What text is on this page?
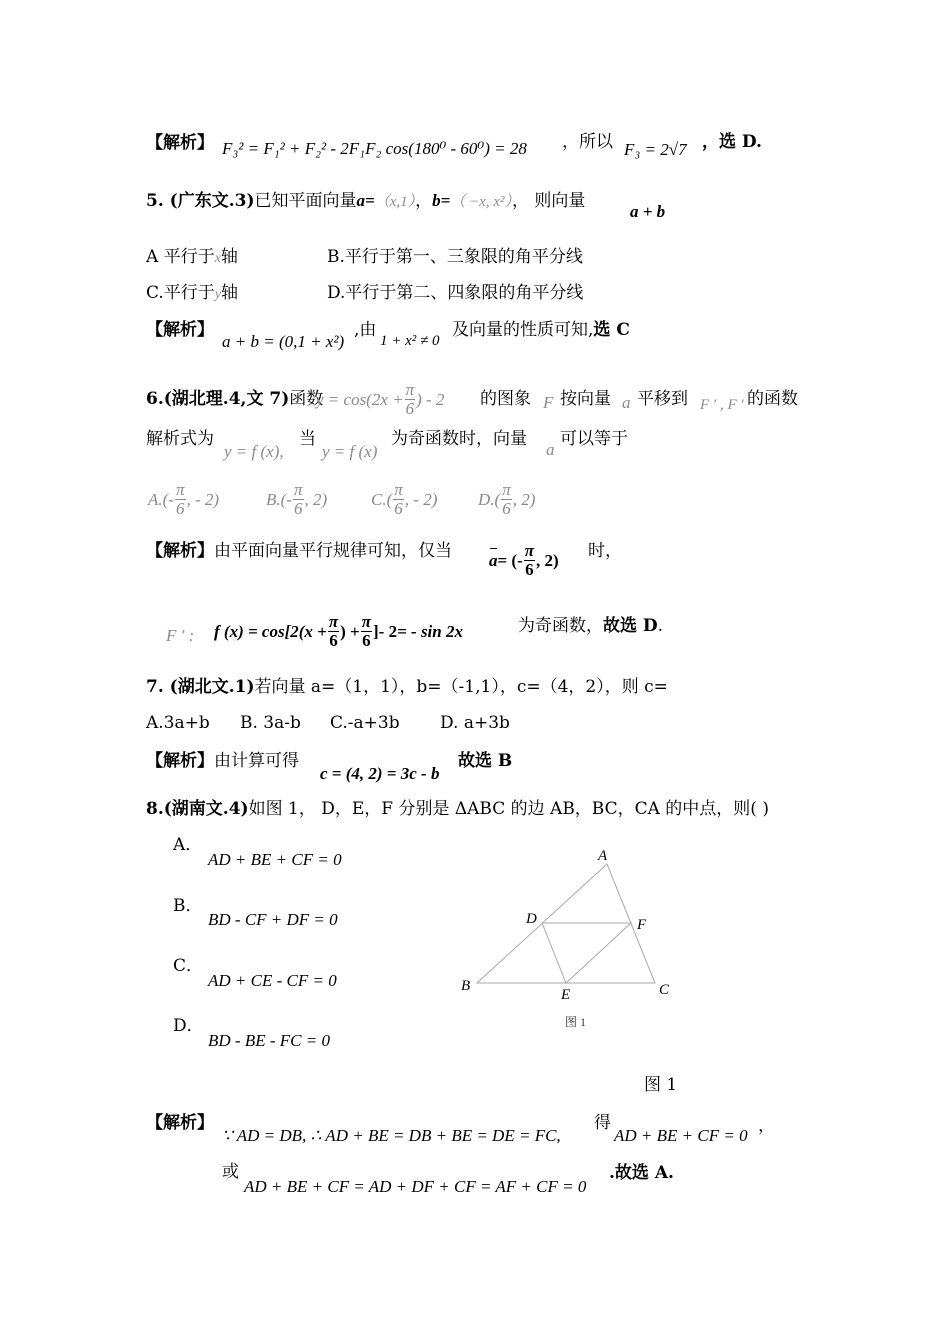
【解析】 F₃² = F₁² + F₂² - 2F₁F₂ cos(180⁰ - 60⁰) = 28 ，所以 F₃ = 2√7 ，选 D.
5. (广东文.3)已知平面向量a=（x,1），b=（ −x, x²）， 则向量
a + b
A 平行于x轴	B.平行于第一、三象限的角平分线
C.平行于y轴	D.平行于第二、四象限的角平分线
【解析】
a + b = (0,1 + x²)
,由
1 + x² ≠ 0
及向量的性质可知,选 C
6.(湖北理.4,文 7)函数
$y = \cos(2x + \frac{\pi}{6}$ ) - 2 的图象 F 按向量 a 平移到 F ′ , F ′ 的函数
解析式为
y = f (x),
当
y = f (x)
为奇函数时，向量
a
可以等于
$A.(- \frac{\pi}{6}$ , - 2)	$B.(- \frac{\pi}{6}$ , 2)	$C.( \frac{\pi}{6}$ , - 2) $D.( \frac{\pi}{6}$ , 2)
【解析】由平面向量平行规律可知，仅当 a = (- $\frac{\pi}{6}$ , 2) 时，
F ′ : f $(x) = \cos[2(x + \frac{\pi}{6}$ ) + $\frac{\pi}{6}$ ]- 2 = - sin 2x	为奇函数，故选 D.
7. (湖北文.1)若向量 a=（1，1），b=（-1,1），c=（4，2），则 c=
A.3a+b B. 3a-b C.-a+3b D. a+3b
【解析】由计算可得
c = (4, 2) = 3c - b
故选 B
8.(湖南文.4)如图 1， D，E，F 分别是 ΔABC 的边 AB，BC，CA 的中点，则( )
A．
AD + BE + CF = 0
B．
BD - CF + DF = 0
C．
AD + CE - CF = 0
D．
BD - BE - FC = 0
A
B	C
D
E
F
图 1
图 1
【解析】
∵ AD = DB, ∴ AD + BE = DB + BE = DE = FC,
得
AD + BE + CF = 0 ，
或
AD + BE + CF = AD + DF + CF = AF + CF = 0
.故选 A.
